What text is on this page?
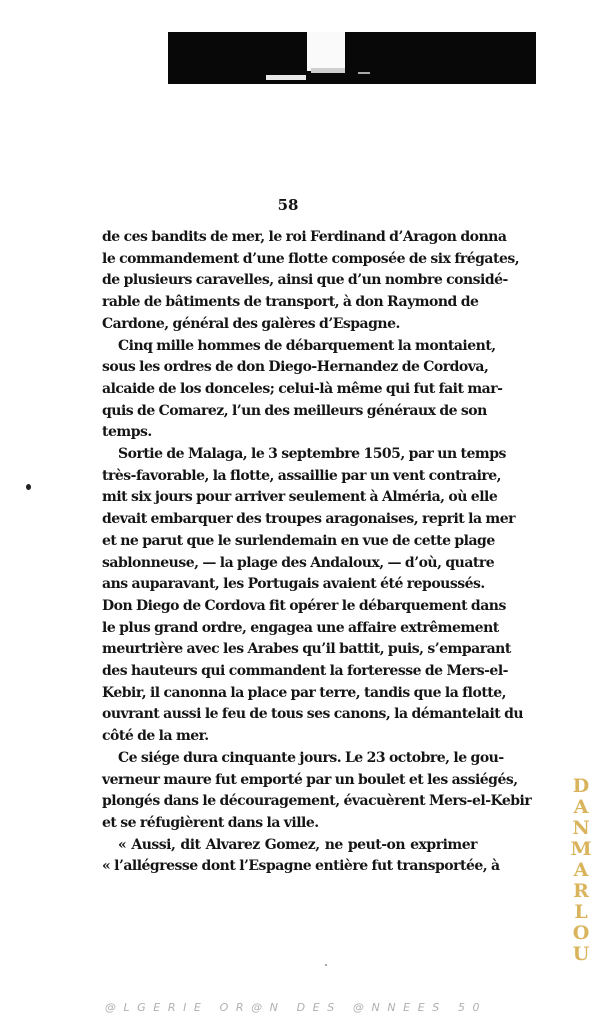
58
de ces bandits de mer, le roi Ferdinand d’Aragon donna
le commandement d’une flotte composée de six frégates,
de plusieurs caravelles, ainsi que d’un nombre considé-
rable de bâtiments de transport, à don Raymond de
Cardone, général des galères d’Espagne.
Cinq mille hommes de débarquement la montaient,
sous les ordres de don Diego-Hernandez de Cordova,
alcaide de los donceles; celui-là même qui fut fait mar-
quis de Comarez, l’un des meilleurs généraux de son
temps.
Sortie de Malaga, le 3 septembre 1505, par un temps
très-favorable, la flotte, assaillie par un vent contraire,
mit six jours pour arriver seulement à Alméria, où elle
devait embarquer des troupes aragonaises, reprit la mer
et ne parut que le surlendemain en vue de cette plage
sablonneuse, — la plage des Andaloux, — d’où, quatre
ans auparavant, les Portugais avaient été repoussés.
Don Diego de Cordova fit opérer le débarquement dans
le plus grand ordre, engagea une affaire extrêmement
meurtrière avec les Arabes qu’il battit, puis, s’emparant
des hauteurs qui commandent la forteresse de Mers-el-
Kebir, il canonna la place par terre, tandis que la flotte,
ouvrant aussi le feu de tous ses canons, la démantelait du
côté de la mer.
Ce siége dura cinquante jours. Le 23 octobre, le gou-
verneur maure fut emporté par un boulet et les assiégés,
plongés dans le découragement, évacuèrent Mers-el-Kebir
et se réfugièrent dans la ville.
« Aussi, dit Alvarez Gomez, ne peut-on exprimer
« l’allégresse dont l’Espagne entière fut transportée, à
D
A
N
M
A
R
L
O
U
@LGERIE OR@N DES @NNEES 50
